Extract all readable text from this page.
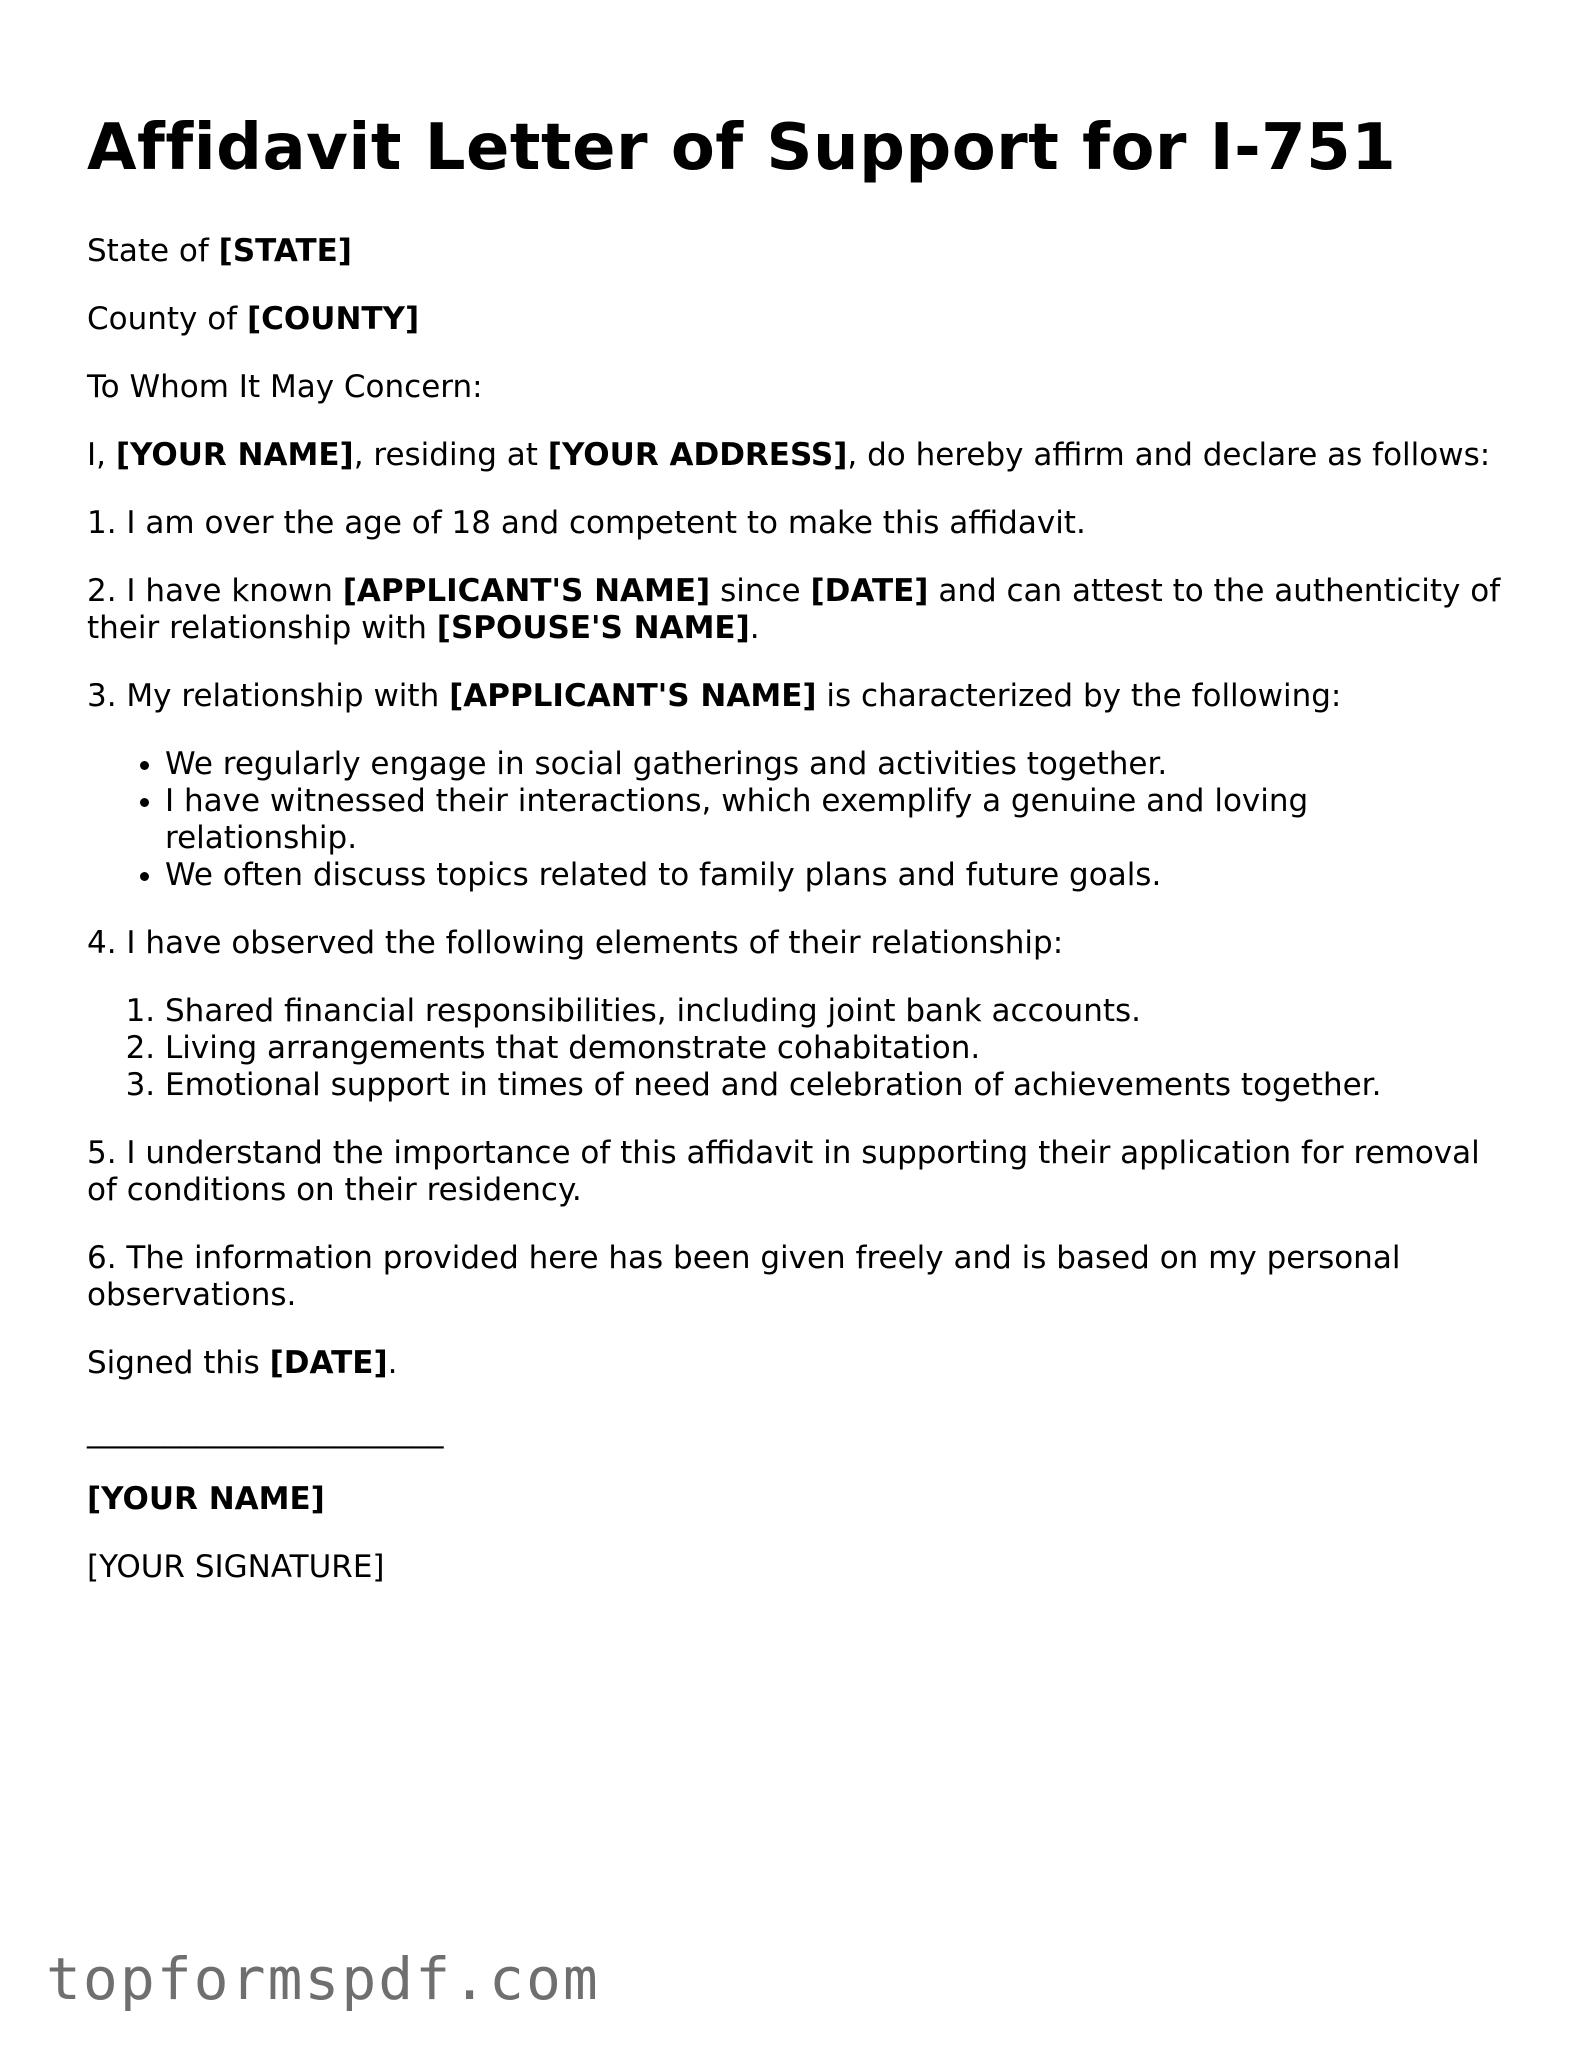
Affidavit Letter of Support for I-751

State of [STATE]

County of [COUNTY]

To Whom It May Concern:

I, [YOUR NAME], residing at [YOUR ADDRESS], do hereby affirm and declare as follows:

1. I am over the age of 18 and competent to make this affidavit.

2. I have known [APPLICANT'S NAME] since [DATE] and can attest to the authenticity of their relationship with [SPOUSE'S NAME].

3. My relationship with [APPLICANT'S NAME] is characterized by the following:

• We regularly engage in social gatherings and activities together.
• I have witnessed their interactions, which exemplify a genuine and loving relationship.
• We often discuss topics related to family plans and future goals.

4. I have observed the following elements of their relationship:

1. Shared financial responsibilities, including joint bank accounts.
2. Living arrangements that demonstrate cohabitation.
3. Emotional support in times of need and celebration of achievements together.

5. I understand the importance of this affidavit in supporting their application for removal of conditions on their residency.

6. The information provided here has been given freely and is based on my personal observations.

Signed this [DATE].

_______________________

[YOUR NAME]

[YOUR SIGNATURE]

topformspdf.com
